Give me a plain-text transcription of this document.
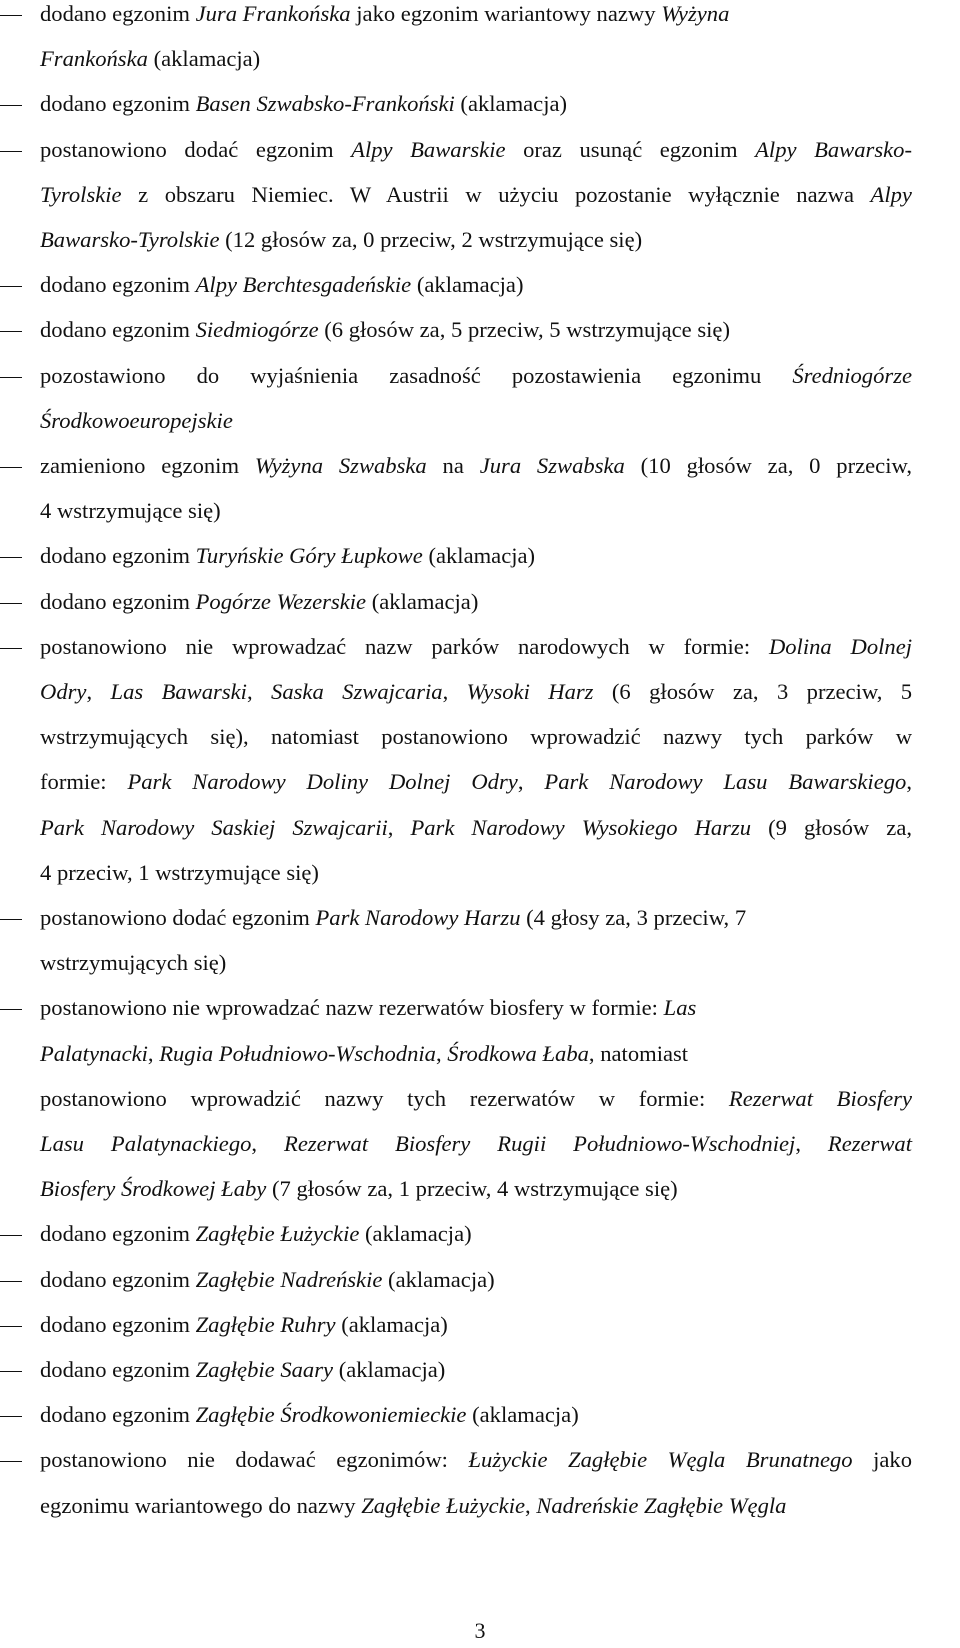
dodano egzonim Jura Frankońska jako egzonim wariantowy nazwy Wyżyna
Frankońska (aklamacja)
dodano egzonim Basen Szwabsko-Frankoński (aklamacja)
postanowiono dodać egzonim Alpy Bawarskie oraz usunąć egzonim Alpy Bawarsko-
Tyrolskie z obszaru Niemiec. W Austrii w użyciu pozostanie wyłącznie nazwa Alpy
Bawarsko-Tyrolskie (12 głosów za, 0 przeciw, 2 wstrzymujące się)
dodano egzonim Alpy Berchtesgadeńskie (aklamacja)
dodano egzonim Siedmiogórze (6 głosów za, 5 przeciw, 5 wstrzymujące się)
pozostawiono do wyjaśnienia zasadność pozostawienia egzonimu Średniogórze
Środkowoeuropejskie
zamieniono egzonim Wyżyna Szwabska na Jura Szwabska (10 głosów za, 0 przeciw,
4 wstrzymujące się)
dodano egzonim Turyńskie Góry Łupkowe (aklamacja)
dodano egzonim Pogórze Wezerskie (aklamacja)
postanowiono nie wprowadzać nazw parków narodowych w formie: Dolina Dolnej
Odry, Las Bawarski, Saska Szwajcaria, Wysoki Harz (6 głosów za, 3 przeciw, 5
wstrzymujących się), natomiast postanowiono wprowadzić nazwy tych parków w
formie: Park Narodowy Doliny Dolnej Odry, Park Narodowy Lasu Bawarskiego,
Park Narodowy Saskiej Szwajcarii, Park Narodowy Wysokiego Harzu (9 głosów za,
4 przeciw, 1 wstrzymujące się)
postanowiono dodać egzonim Park Narodowy Harzu (4 głosy za, 3 przeciw, 7
wstrzymujących się)
postanowiono nie wprowadzać nazw rezerwatów biosfery w formie: Las
Palatynacki, Rugia Południowo-Wschodnia, Środkowa Łaba, natomiast
postanowiono wprowadzić nazwy tych rezerwatów w formie: Rezerwat Biosfery
Lasu Palatynackiego, Rezerwat Biosfery Rugii Południowo-Wschodniej, Rezerwat
Biosfery Środkowej Łaby (7 głosów za, 1 przeciw, 4 wstrzymujące się)
dodano egzonim Zagłębie Łużyckie (aklamacja)
dodano egzonim Zagłębie Nadreńskie (aklamacja)
dodano egzonim Zagłębie Ruhry (aklamacja)
dodano egzonim Zagłębie Saary (aklamacja)
dodano egzonim Zagłębie Środkowoniemieckie (aklamacja)
postanowiono nie dodawać egzonimów: Łużyckie Zagłębie Węgla Brunatnego jako
egzonimu wariantowego do nazwy Zagłębie Łużyckie, Nadreńskie Zagłębie Węgla
3
